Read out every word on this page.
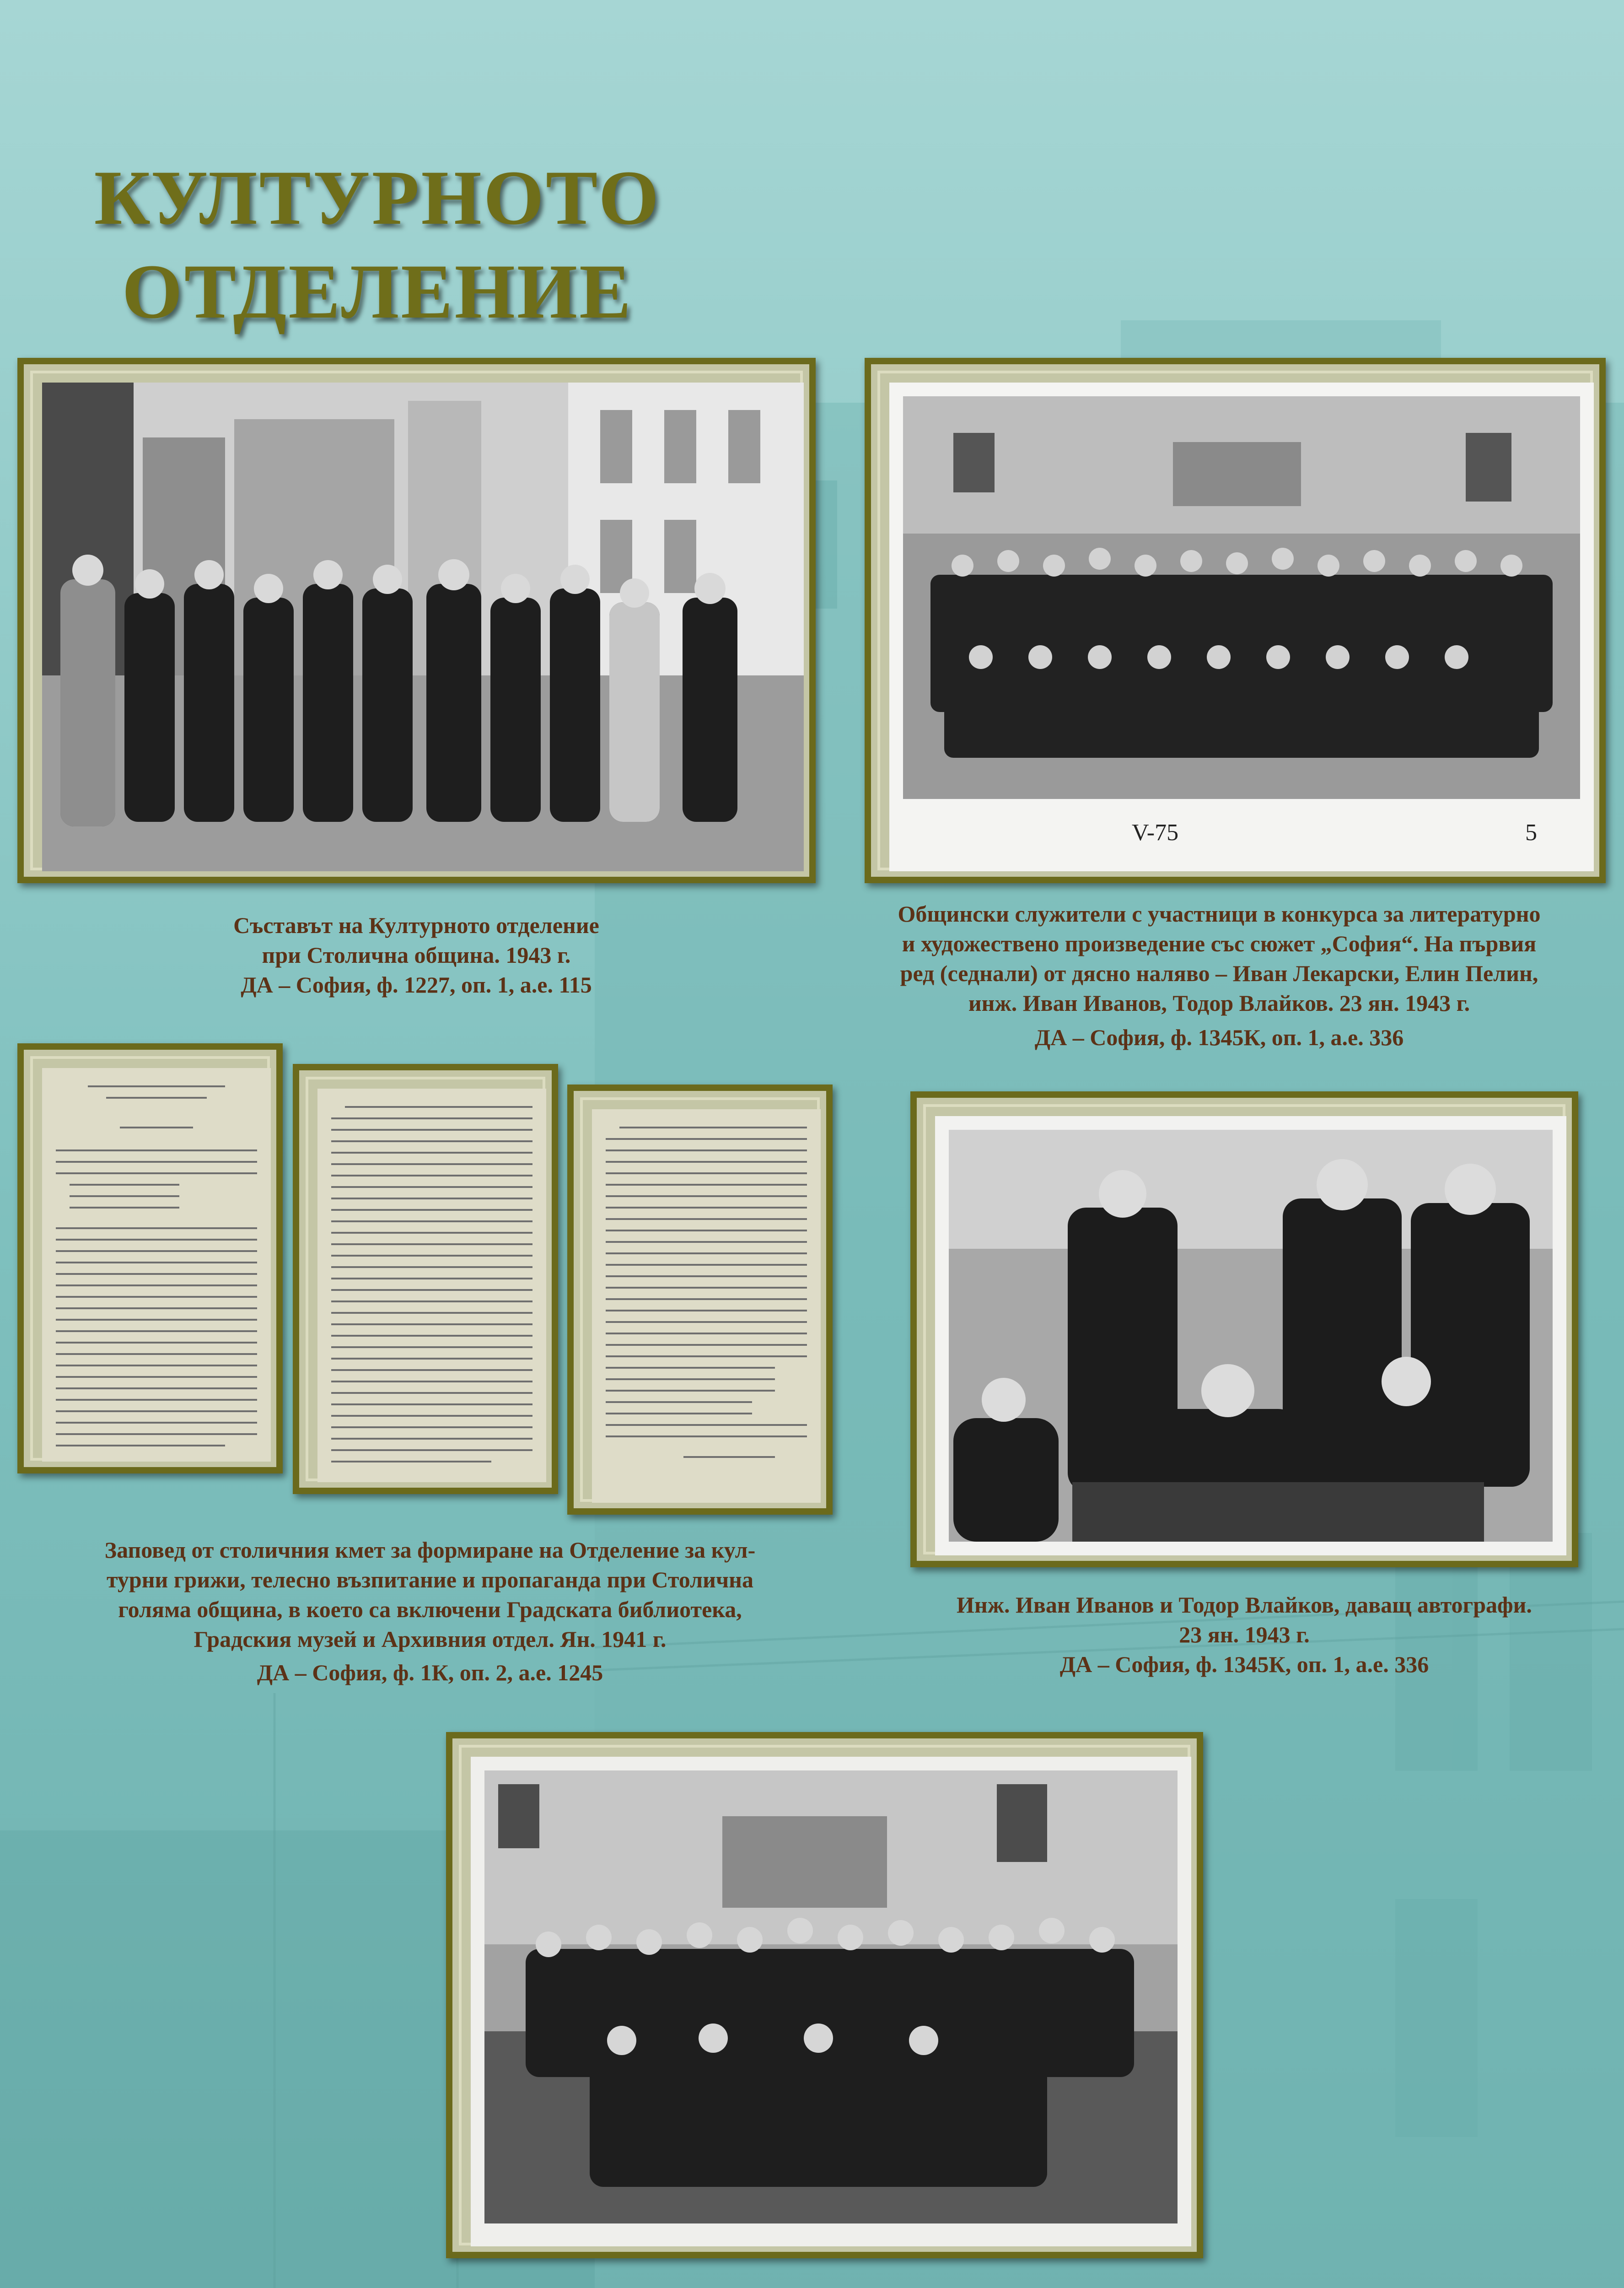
КУЛТУРНОТО
ОТДЕЛЕНИЕ
Съставът на Културното отделение
при Столична община. 1943 г.
ДА – София, ф. 1227, оп. 1, а.е. 115
V-75	5
Общински служители с участници в конкурса за литературно
и художествено произведение със сюжет „София“. На първия
ред (седнали) от дясно наляво – Иван Лекарски, Елин Пелин,
инж. Иван Иванов, Тодор Влайков. 23 ян. 1943 г.
ДА – София, ф. 1345К, оп. 1, а.е. 336
Заповед от столичния кмет за формиране на Отделение за кул-
турни грижи, телесно възпитание и пропаганда при Столична
голяма община, в което са включени Градската библиотека,
Градския музей и Архивния отдел. Ян. 1941 г.
ДА – София, ф. 1К, оп. 2, а.е. 1245
Инж. Иван Иванов и Тодор Влайков, даващ автографи.
23 ян. 1943 г.
ДА – София, ф. 1345К, оп. 1, а.е. 336
